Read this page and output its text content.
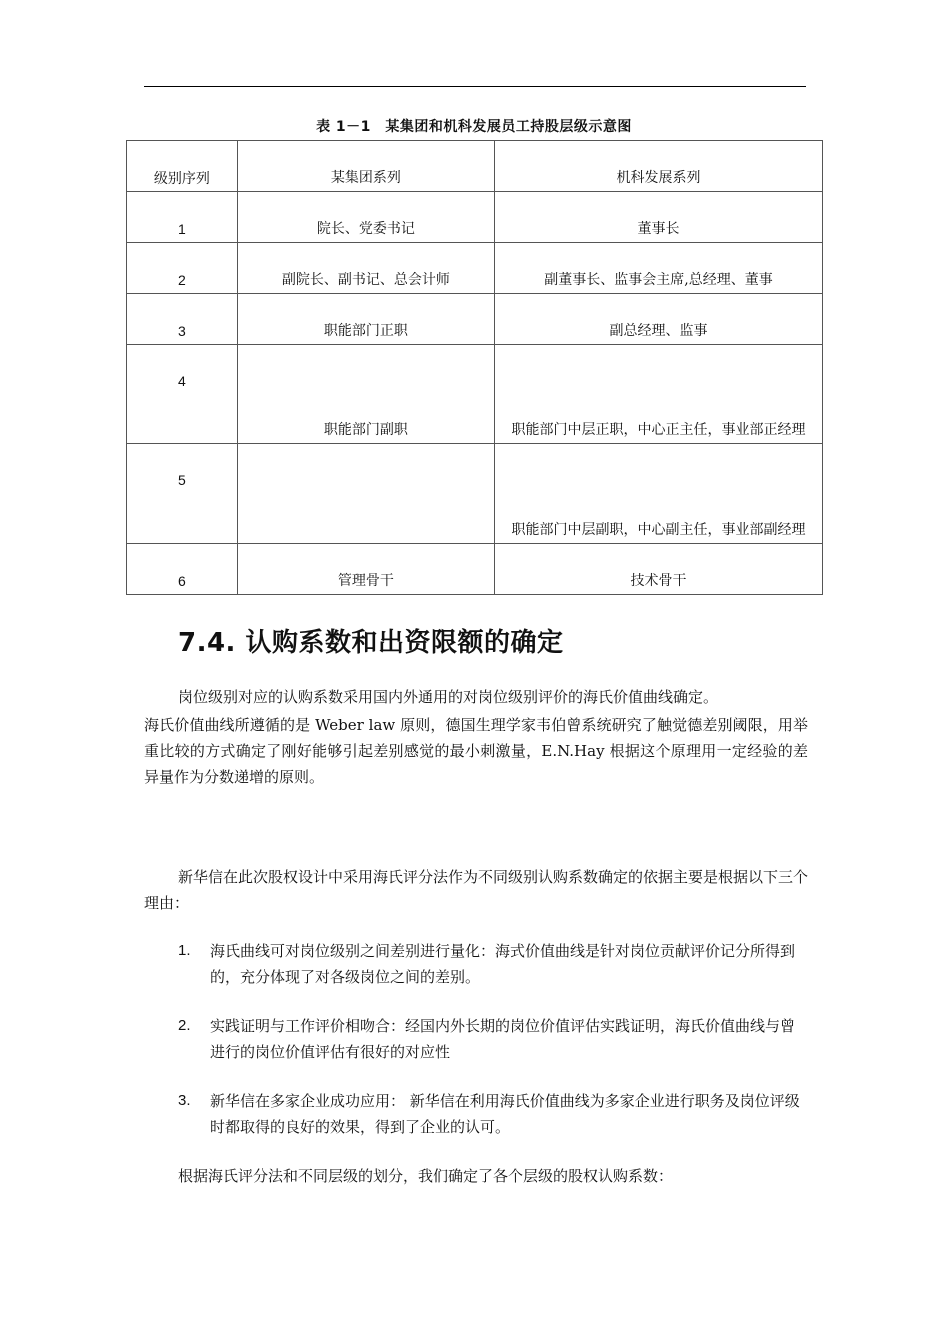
表 1－1　某集团和机科发展员工持股层级示意图
级别序列	某集团系列	机科发展系列
1	院长、党委书记	董事长
2	副院长、副书记、总会计师	副董事长、监事会主席,总经理、董事
3	职能部门正职	副总经理、监事
4	职能部门副职	职能部门中层正职，中心正主任，事业部正经理
5		职能部门中层副职，中心副主任，事业部副经理
6	管理骨干	技术骨干
7.4. 认购系数和出资限额的确定

岗位级别对应的认购系数采用国内外通用的对岗位级别评价的海氏价值曲线确定。

海氏价值曲线所遵循的是 Weber law 原则，德国生理学家韦伯曾系统研究了触觉德差别阈限，用举重比较的方式确定了刚好能够引起差别感觉的最小刺激量，E.N.Hay 根据这个原理用一定经验的差异量作为分数递增的原则。

新华信在此次股权设计中采用海氏评分法作为不同级别认购系数确定的依据主要是根据以下三个理由：

1.	海氏曲线可对岗位级别之间差别进行量化：海式价值曲线是针对岗位贡献评价记分所得到的，充分体现了对各级岗位之间的差别。
2.	实践证明与工作评价相吻合：经国内外长期的岗位价值评估实践证明，海氏价值曲线与曾进行的岗位价值评估有很好的对应性
3.	新华信在多家企业成功应用： 新华信在利用海氏价值曲线为多家企业进行职务及岗位评级时都取得的良好的效果，得到了企业的认可。

根据海氏评分法和不同层级的划分，我们确定了各个层级的股权认购系数：
